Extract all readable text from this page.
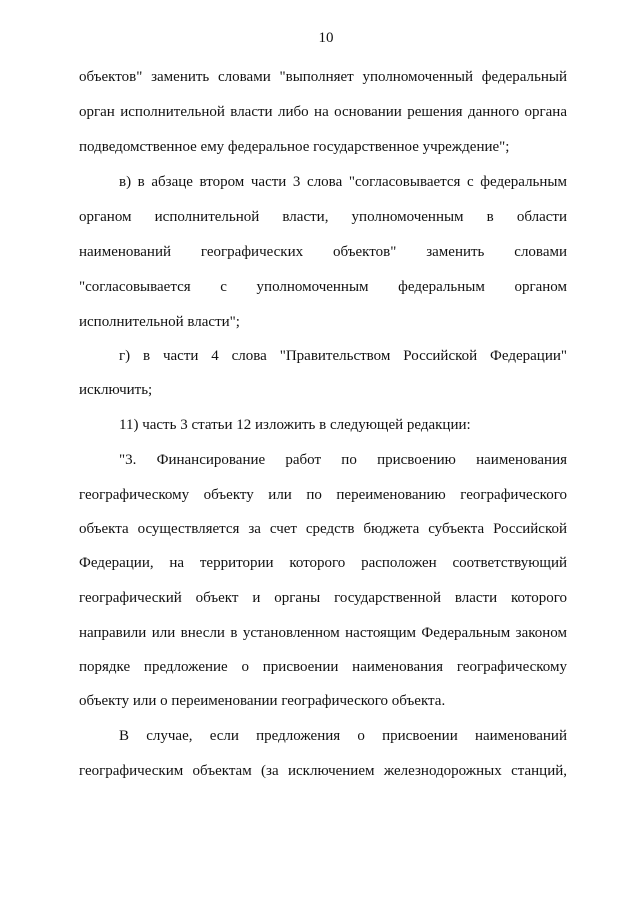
10
объектов" заменить словами "выполняет уполномоченный федеральный
орган исполнительной власти либо на основании решения данного органа
подведомственное ему федеральное государственное учреждение";
в) в абзаце втором части 3 слова "согласовывается с федеральным
органом исполнительной власти, уполномоченным в области
наименований географических объектов" заменить словами
"согласовывается с уполномоченным федеральным органом
исполнительной власти";
г) в части 4 слова "Правительством Российской Федерации"
исключить;
11) часть 3 статьи 12 изложить в следующей редакции:
"3. Финансирование работ по присвоению наименования
географическому объекту или по переименованию географического
объекта осуществляется за счет средств бюджета субъекта Российской
Федерации, на территории которого расположен соответствующий
географический объект и органы государственной власти которого
направили или внесли в установленном настоящим Федеральным законом
порядке предложение о присвоении наименования географическому
объекту или о переименовании географического объекта.
В случае, если предложения о присвоении наименований
географическим объектам (за исключением железнодорожных станций,
